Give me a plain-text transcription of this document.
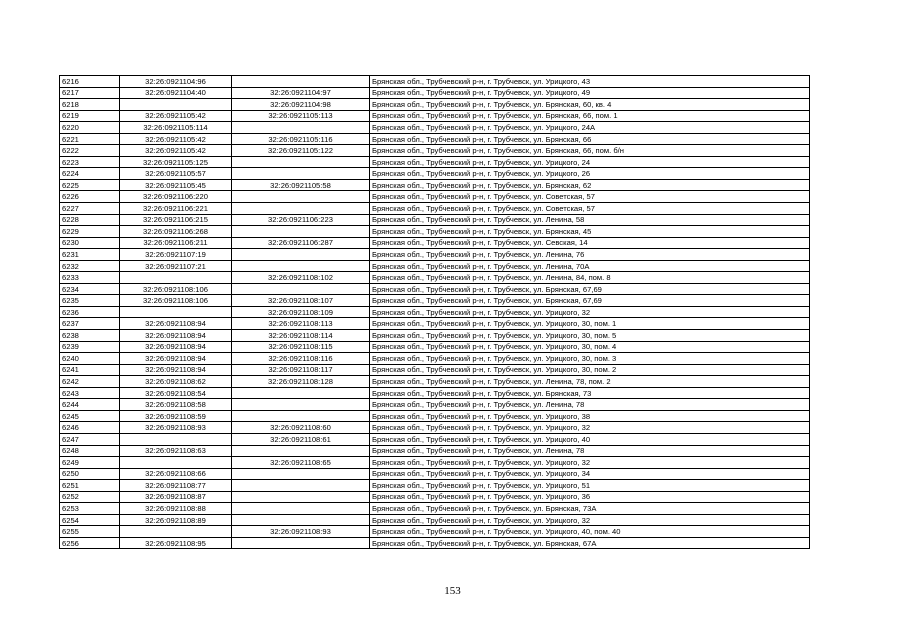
6216	32:26:0921104:96		Брянская обл., Трубчевский р-н, г. Трубчевск, ул. Урицкого, 43
6217	32:26:0921104:40	32:26:0921104:97	Брянская обл., Трубчевский р-н, г. Трубчевск, ул. Урицкого, 49
6218		32:26:0921104:98	Брянская обл., Трубчевский р-н, г. Трубчевск, ул. Брянская, 60, кв. 4
6219	32:26:0921105:42	32:26:0921105:113	Брянская обл., Трубчевский р-н, г. Трубчевск, ул. Брянская, 66, пом. 1
6220	32:26:0921105:114		Брянская обл., Трубчевский р-н, г. Трубчевск, ул. Урицкого, 24А
6221	32:26:0921105:42	32:26:0921105:116	Брянская обл., Трубчевский р-н, г. Трубчевск, ул. Брянская, 66
6222	32:26:0921105:42	32:26:0921105:122	Брянская обл., Трубчевский р-н, г. Трубчевск, ул. Брянская, 66, пом. б/н
6223	32:26:0921105:125		Брянская обл., Трубчевский р-н, г. Трубчевск, ул. Урицкого, 24
6224	32:26:0921105:57		Брянская обл., Трубчевский р-н, г. Трубчевск, ул. Урицкого, 26
6225	32:26:0921105:45	32:26:0921105:58	Брянская обл., Трубчевский р-н, г. Трубчевск, ул. Брянская, 62
6226	32:26:0921106:220		Брянская обл., Трубчевский р-н, г. Трубчевск, ул. Советская, 57
6227	32:26:0921106:221		Брянская обл., Трубчевский р-н, г. Трубчевск, ул. Советская, 57
6228	32:26:0921106:215	32:26:0921106:223	Брянская обл., Трубчевский р-н, г. Трубчевск, ул. Ленина, 58
6229	32:26:0921106:268		Брянская обл., Трубчевский р-н, г. Трубчевск, ул. Брянская, 45
6230	32:26:0921106:211	32:26:0921106:287	Брянская обл., Трубчевский р-н, г. Трубчевск, ул. Севская, 14
6231	32:26:0921107:19		Брянская обл., Трубчевский р-н, г. Трубчевск, ул. Ленина, 76
6232	32:26:0921107:21		Брянская обл., Трубчевский р-н, г. Трубчевск, ул. Ленина, 70А
6233		32:26:0921108:102	Брянская обл., Трубчевский р-н, г. Трубчевск, ул. Ленина, 84, пом. 8
6234	32:26:0921108:106		Брянская обл., Трубчевский р-н, г. Трубчевск, ул. Брянская, 67,69
6235	32:26:0921108:106	32:26:0921108:107	Брянская обл., Трубчевский р-н, г. Трубчевск, ул. Брянская, 67,69
6236		32:26:0921108:109	Брянская обл., Трубчевский р-н, г. Трубчевск, ул. Урицкого, 32
6237	32:26:0921108:94	32:26:0921108:113	Брянская обл., Трубчевский р-н, г. Трубчевск, ул. Урицкого, 30, пом. 1
6238	32:26:0921108:94	32:26:0921108:114	Брянская обл., Трубчевский р-н, г. Трубчевск, ул. Урицкого, 30, пом. 5
6239	32:26:0921108:94	32:26:0921108:115	Брянская обл., Трубчевский р-н, г. Трубчевск, ул. Урицкого, 30, пом. 4
6240	32:26:0921108:94	32:26:0921108:116	Брянская обл., Трубчевский р-н, г. Трубчевск, ул. Урицкого, 30, пом. 3
6241	32:26:0921108:94	32:26:0921108:117	Брянская обл., Трубчевский р-н, г. Трубчевск, ул. Урицкого, 30, пом. 2
6242	32:26:0921108:62	32:26:0921108:128	Брянская обл., Трубчевский р-н, г. Трубчевск, ул. Ленина, 78, пом. 2
6243	32:26:0921108:54		Брянская обл., Трубчевский р-н, г. Трубчевск, ул. Брянская, 73
6244	32:26:0921108:58		Брянская обл., Трубчевский р-н, г. Трубчевск, ул. Ленина, 78
6245	32:26:0921108:59		Брянская обл., Трубчевский р-н, г. Трубчевск, ул. Урицкого, 38
6246	32:26:0921108:93	32:26:0921108:60	Брянская обл., Трубчевский р-н, г. Трубчевск, ул. Урицкого, 32
6247		32:26:0921108:61	Брянская обл., Трубчевский р-н, г. Трубчевск, ул. Урицкого, 40
6248	32:26:0921108:63		Брянская обл., Трубчевский р-н, г. Трубчевск, ул. Ленина, 78
6249		32:26:0921108:65	Брянская обл., Трубчевский р-н, г. Трубчевск, ул. Урицкого, 32
6250	32:26:0921108:66		Брянская обл., Трубчевский р-н, г. Трубчевск, ул. Урицкого, 34
6251	32:26:0921108:77		Брянская обл., Трубчевский р-н, г. Трубчевск, ул. Урицкого, 51
6252	32:26:0921108:87		Брянская обл., Трубчевский р-н, г. Трубчевск, ул. Урицкого, 36
6253	32:26:0921108:88		Брянская обл., Трубчевский р-н, г. Трубчевск, ул. Брянская, 73А
6254	32:26:0921108:89		Брянская обл., Трубчевский р-н, г. Трубчевск, ул. Урицкого, 32
6255		32:26:0921108:93	Брянская обл., Трубчевский р-н, г. Трубчевск, ул. Урицкого, 40, пом. 40
6256	32:26:0921108:95		Брянская обл., Трубчевский р-н, г. Трубчевск, ул. Брянская, 67А
153
